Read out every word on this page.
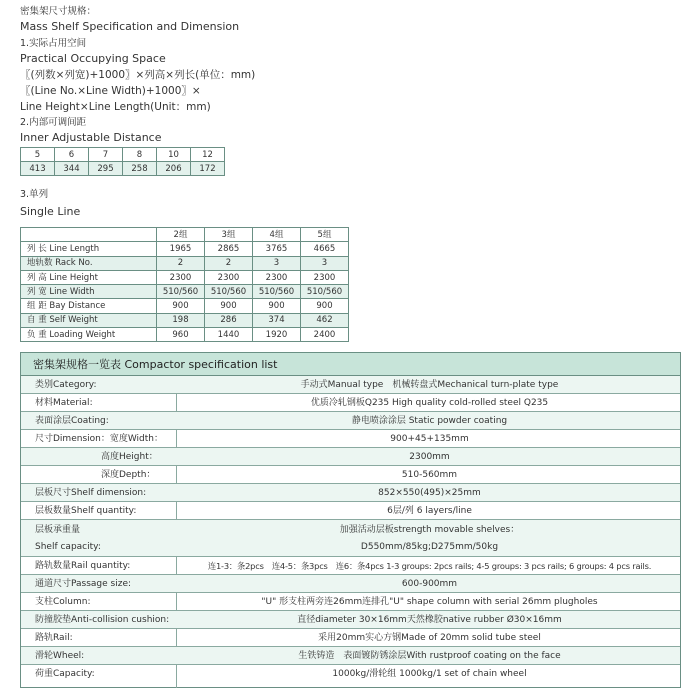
密集架尺寸规格：
Mass Shelf Specification and Dimension
1.实际占用空间
Practical Occupying Space
〖(列数×列宽)+1000〗×列高×列长(单位：mm)
〖(Line No.×Line Width)+1000〗×
Line Height×Line Length(Unit：mm)
2.内部可调间距
Inner Adjustable Distance
5	6	7	8	10	12
413	344	295	258	206	172
3.单列
Single Line
	2组	3组	4组	5组
列 长 Line Length	1965	2865	3765	4665
地轨数 Rack No.	2	2	3	3
列 高 Line Height	2300	2300	2300	2300
列 宽 Line Width	510/560	510/560	510/560	510/560
组 距 Bay Distance	900	900	900	900
自 重 Self Weight	198	286	374	462
负 重 Loading Weight	960	1440	1920	2400
密集架规格一览表 Compactor specification list
类别Category:	手动式Manual type　机械转盘式Mechanical turn-plate type
材料Material:	优质冷轧钢板Q235 High quality cold-rolled steel Q235
表面涂层Coating:	静电喷涂涂层 Static powder coating
尺寸Dimension：宽度Width：	900+45+135mm
高度Height：	2300mm
深度Depth：	510-560mm
层板尺寸Shelf dimension:	852×550(495)×25mm
层板数量Shelf quantity:	6层/列 6 layers/line
层板承重量	加强活动层板strength movable shelves：
Shelf capacity:	D550mm/85kg;D275mm/50kg
路轨数量Rail quantity:	连1-3：条2pcs　连4-5：条3pcs　连6：条4pcs 1-3 groups: 2pcs rails; 4-5 groups: 3 pcs rails; 6 groups: 4 pcs rails.
通道尺寸Passage size:	600-900mm
支柱Column:	"U" 形支柱两旁连26mm连排孔"U" shape column with serial 26mm plugholes
防撞胶垫Anti-collision cushion:	直径diameter 30×16mm天然橡胶native rubber Ø30×16mm
路轨Rail:	采用20mm实心方钢Made of 20mm solid tube steel
滑轮Wheel:	生铁铸造　表面镀防锈涂层With rustproof coating on the face
荷重Capacity:	1000kg/滑轮组 1000kg/1 set of chain wheel
